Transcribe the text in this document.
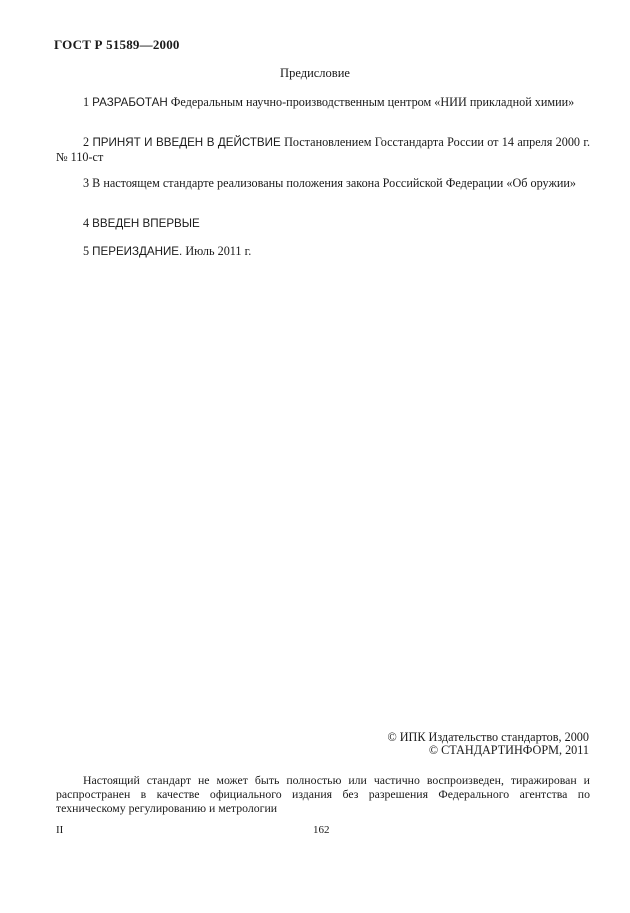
ГОСТ Р 51589—2000
Предисловие
1 РАЗРАБОТАН Федеральным научно-производственным центром «НИИ прикладной химии»
2 ПРИНЯТ И ВВЕДЕН В ДЕЙСТВИЕ Постановлением Госстандарта России от 14 апреля 2000 г. № 110-ст
3 В настоящем стандарте реализованы положения закона Российской Федерации «Об оружии»
4 ВВЕДЕН ВПЕРВЫЕ
5 ПЕРЕИЗДАНИЕ. Июль 2011 г.
© ИПК Издательство стандартов, 2000
© СТАНДАРТИНФОРМ, 2011
Настоящий стандарт не может быть полностью или частично воспроизведен, тиражирован и распространен в качестве официального издания без разрешения Федерального агентства по техническому регулированию и метрологии
II	162
